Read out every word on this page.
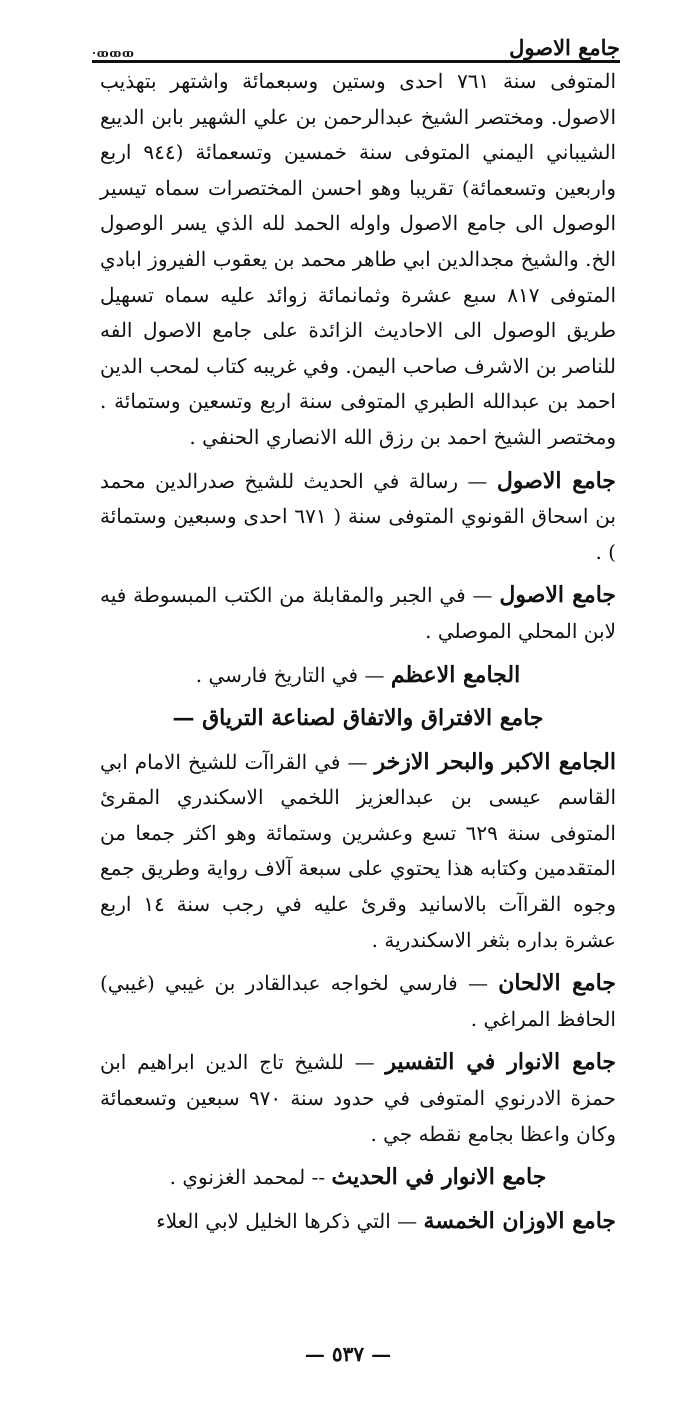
·ꝏꝏꝏ	جامع الاصول

المتوفى سنة ٧٦١ احدى وستين وسبعمائة واشتهر بتهذيب الاصول. ومختصر الشيخ عبدالرحمن بن علي الشهير بابن الديبع الشيباني اليمني المتوفى سنة خمسين وتسعمائة (٩٤٤ اربع واربعين وتسعمائة) تقريبا وهو احسن المختصرات سماه تيسير الوصول الى جامع الاصول واوله الحمد لله الذي يسر الوصول الخ. والشيخ مجدالدين ابي طاهر محمد بن يعقوب الفيروز ابادي المتوفى ٨١٧ سبع عشرة وثمانمائة زوائد عليه سماه تسهيل طريق الوصول الى الاحاديث الزائدة على جامع الاصول الفه للناصر بن الاشرف صاحب اليمن. وفي غريبه كتاب لمحب الدين احمد بن عبدالله الطبري المتوفى سنة اربع وتسعين وستمائة . ومختصر الشيخ احمد بن رزق الله الانصاري الحنفي .

جامع الاصول — رسالة في الحديث للشيخ صدرالدين محمد بن اسحاق القونوي المتوفى سنة ( ٦٧١ احدى وسبعين وستمائة ) .

جامع الاصول — في الجبر والمقابلة من الكتب المبسوطة فيه لابن المحلي الموصلي .

الجامع الاعظم — في التاريخ فارسي .

جامع الافتراق والاتفاق لصناعة الترياق —

الجامع الاكبر والبحر الازخر — في القراآت للشيخ الامام ابي القاسم عيسى بن عبدالعزيز اللخمي الاسكندري المقرئ المتوفى سنة ٦٢٩ تسع وعشرين وستمائة وهو اكثر جمعا من المتقدمين وكتابه هذا يحتوي على سبعة آلاف رواية وطريق جمع وجوه القراآت بالاسانيد وقرئ عليه في رجب سنة ١٤ اربع عشرة بداره بثغر الاسكندرية .

جامع الالحان — فارسي لخواجه عبدالقادر بن غيبي (غيبي) الحافظ المراغي .

جامع الانوار في التفسير — للشيخ تاج الدين ابراهيم ابن حمزة الادرنوي المتوفى في حدود سنة ٩٧٠ سبعين وتسعمائة وكان واعظا بجامع نقطه جي .

جامع الانوار في الحديث -- لمحمد الغزنوي .

جامع الاوزان الخمسة — التي ذكرها الخليل لابي العلاء

— ٥٣٧ —
